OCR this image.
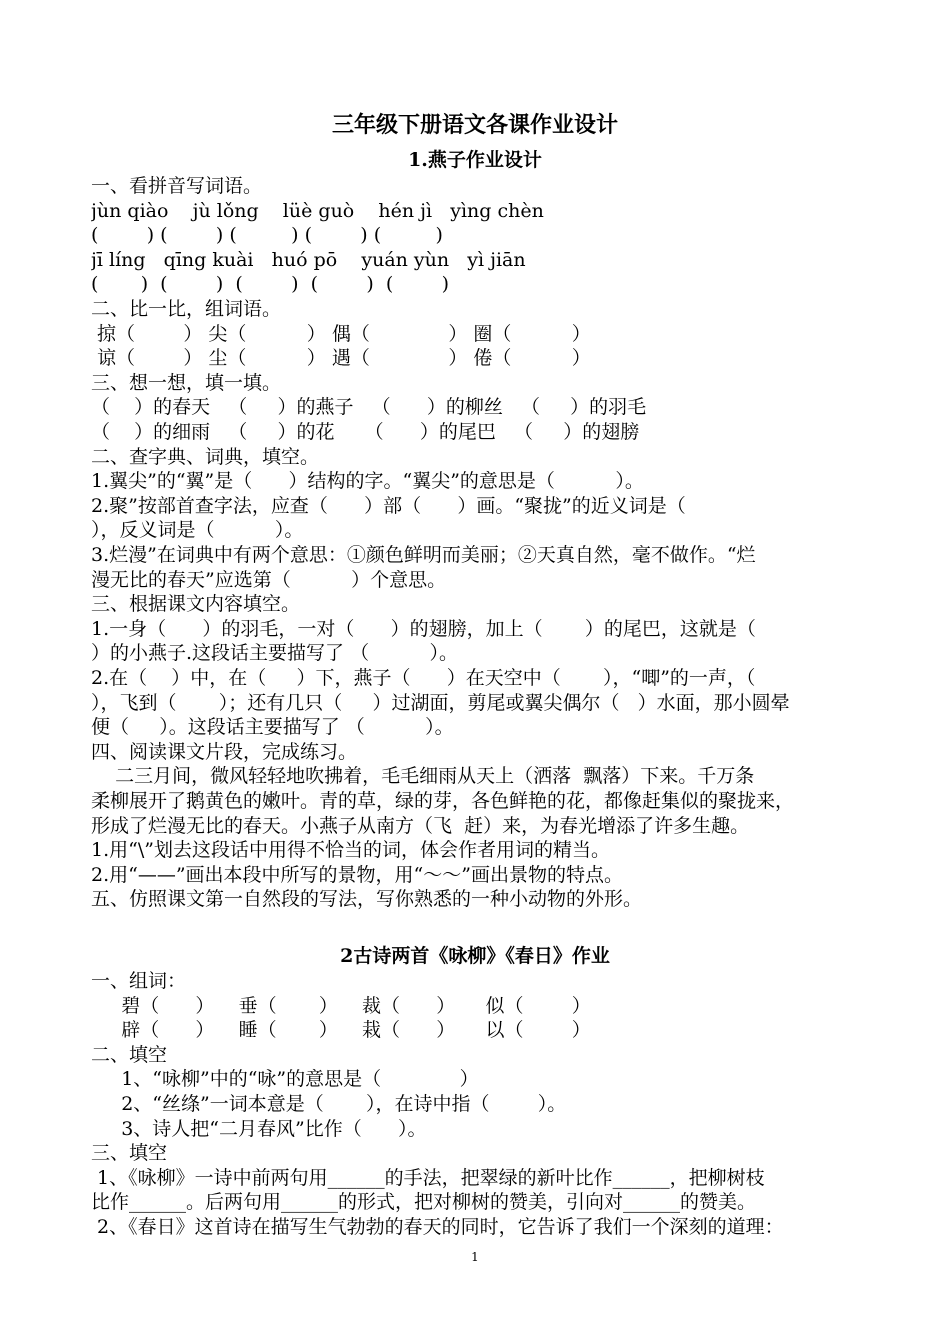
三年级下册语文各课作业设计
1.燕子作业设计
一、看拼音写词语。
jùn qiào    jù lǒng    lüè guò    hén jì   yìng chèn
(        ) (        ) (         ) (        ) (         )
jī líng   qīng kuài   huó pō    yuán yùn   yì jiān
(       )  (        )  (        )  (        )  (        )
二、比一比，组词语。
掠（        ） 尖（          ） 偶（             ） 圈（          ）
谅（        ） 尘（          ） 遇（             ） 倦（          ）
三、想一想，填一填。
（    ）的春天   （     ）的燕子   （      ）的柳丝   （     ）的羽毛
（    ）的细雨   （     ）的花     （      ）的尾巴   （     ）的翅膀
二、查字典、词典，填空。
1.翼尖”的“翼”是（      ）结构的字。“翼尖”的意思是（          ）。
2.聚”按部首查字法，应查（      ）部（      ）画。“聚拢”的近义词是（
），反义词是（          ）。
3.烂漫”在词典中有两个意思：①颜色鲜明而美丽；②天真自然，毫不做作。“烂
漫无比的春天”应选第（          ）个意思。
三、根据课文内容填空。
1.一身（      ）的羽毛，一对（      ）的翅膀，加上（       ）的尾巴，这就是（
）的小燕子.这段话主要描写了 （          ）。
2.在（    ）中，在（     ）下，燕子（      ）在天空中（       ），“唧”的一声，（
），飞到（       ）；还有几只（     ）过湖面，剪尾或翼尖偶尔（   ）水面，那小圆晕
便（     ）。这段话主要描写了 （          ）。
四、阅读课文片段，完成练习。
二三月间，微风轻轻地吹拂着，毛毛细雨从天上（洒落  飘落）下来。千万条
柔柳展开了鹅黄色的嫩叶。青的草，绿的芽，各色鲜艳的花，都像赶集似的聚拢来，
形成了烂漫无比的春天。小燕子从南方（飞  赶）来，为春光增添了许多生趣。
1.用“\”划去这段话中用得不恰当的词，体会作者用词的精当。
2.用“——”画出本段中所写的景物，用“～～”画出景物的特点。
五、仿照课文第一自然段的写法，写你熟悉的一种小动物的外形。
2古诗两首《咏柳》《春日》作业
一、组词：
碧（      ）    垂（       ）    裁（      ）     似（        ）
辟（      ）    睡（       ）    栽（      ）     以（        ）
二、填空
1、“咏柳”中的“咏”的意思是（             ）
2、“丝绦”一词本意是（       ），在诗中指（        ）。
3、诗人把“二月春风”比作（      ）。
三、填空
1、《咏柳》一诗中前两句用______的手法，把翠绿的新叶比作______，把柳树枝
比作______。后两句用______的形式，把对柳树的赞美，引向对______的赞美。
2、《春日》这首诗在描写生气勃勃的春天的同时，它告诉了我们一个深刻的道理：
1
